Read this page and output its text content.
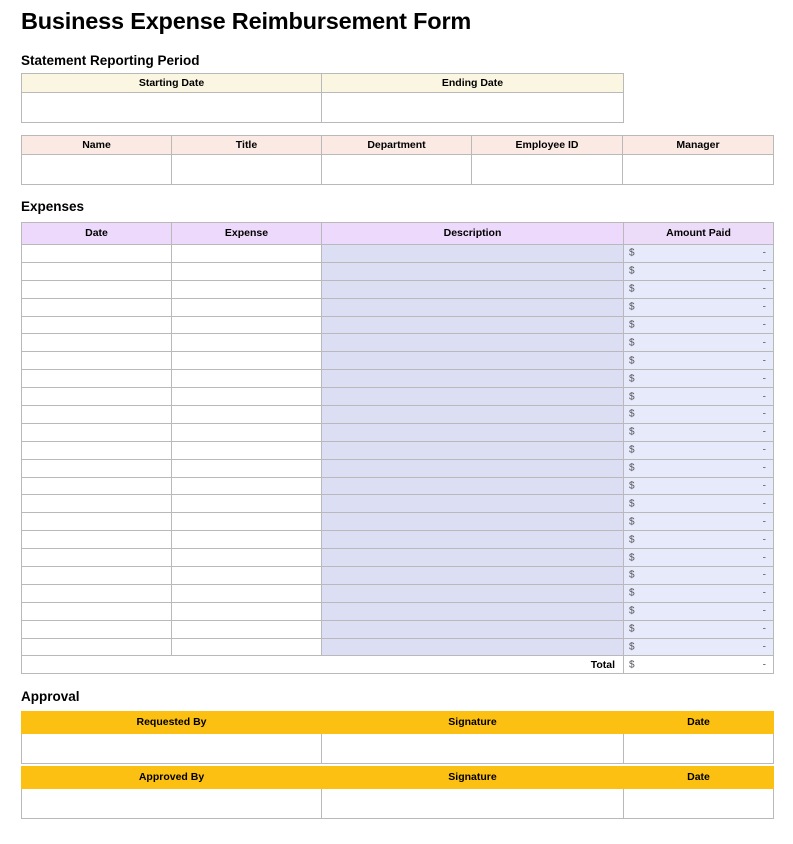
Business Expense Reimbursement Form
Statement Reporting Period
Starting Date	Ending Date

Name	Title	Department	Employee ID	Manager

Expenses
Date	Expense	Description	Amount Paid

			$ -

			$ -

			$ -

			$ -

			$ -

			$ -

			$ -

			$ -

			$ -

			$ -

			$ -

			$ -

			$ -

			$ -

			$ -

			$ -

			$ -

			$ -

			$ -

			$ -

			$ -

			$ -

			$ -

Total			$ -
Approval
Requested By	Signature	Date

Approved By	Signature	Date
